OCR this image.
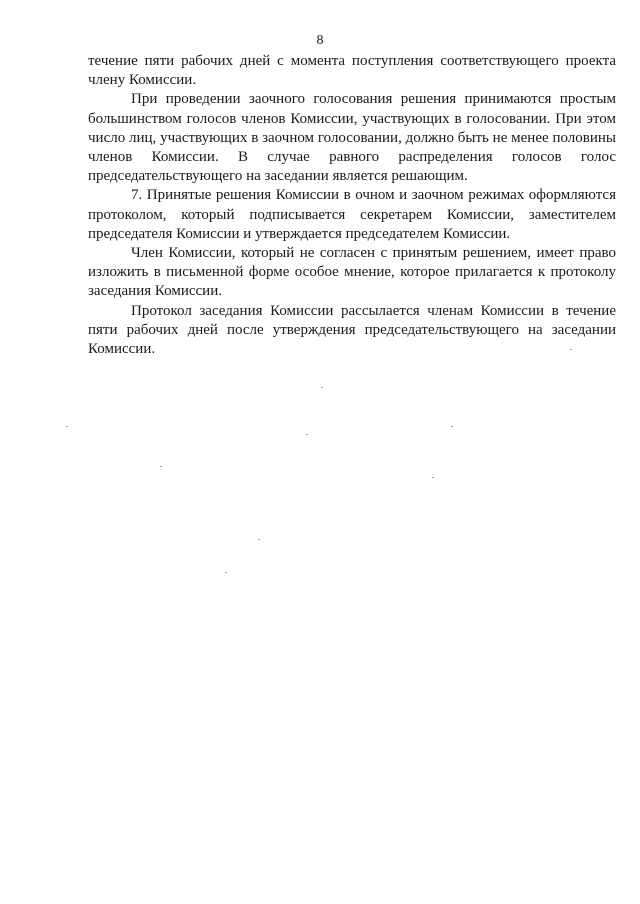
8

течение пяти рабочих дней с момента поступления соответствующего проекта члену Комиссии.

При проведении заочного голосования решения принимаются простым большинством голосов членов Комиссии, участвующих в голосовании. При этом число лиц, участвующих в заочном голосовании, должно быть не менее половины членов Комиссии. В случае равного распределения голосов голос председательствующего на заседании является решающим.

7. Принятые решения Комиссии в очном и заочном режимах оформляются протоколом, который подписывается секретарем Комиссии, заместителем председателя Комиссии и утверждается председателем Комиссии.

Член Комиссии, который не согласен с принятым решением, имеет право изложить в письменной форме особое мнение, которое прилагается к протоколу заседания Комиссии.

Протокол заседания Комиссии рассылается членам Комиссии в течение пяти рабочих дней после утверждения председательствующего на заседании Комиссии.
